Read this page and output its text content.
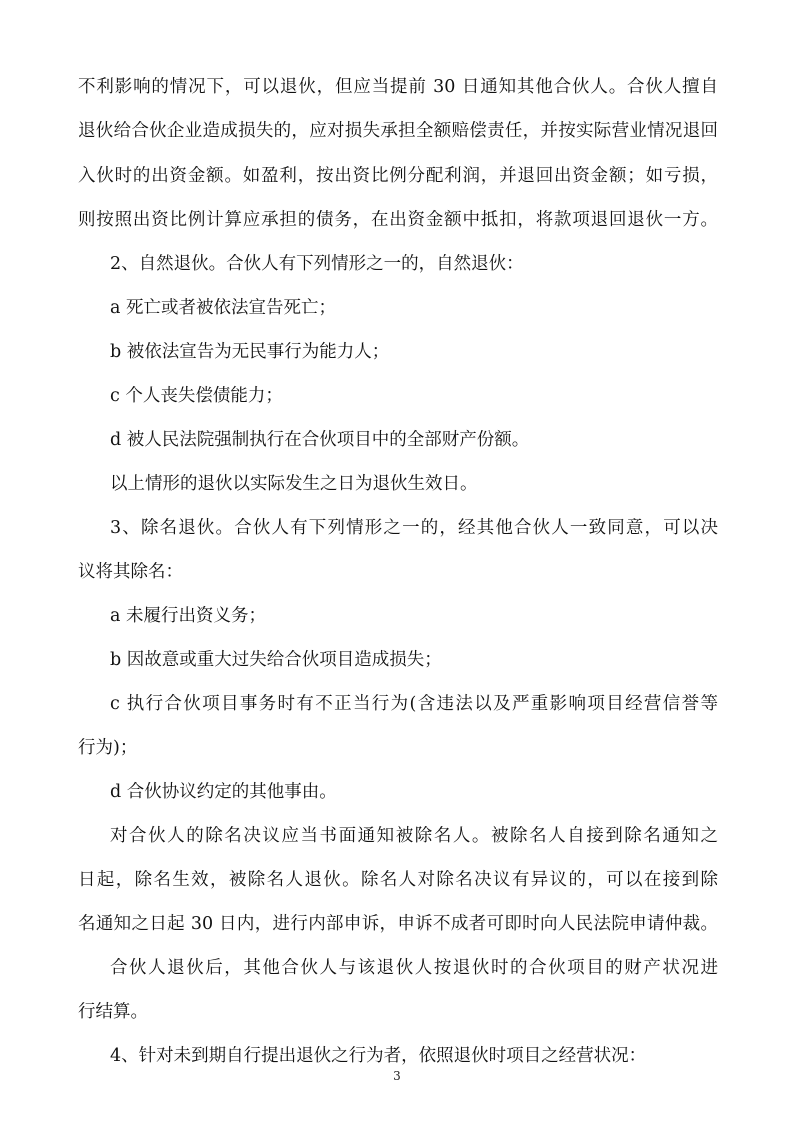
不利影响的情况下，可以退伙，但应当提前 30 日通知其他合伙人。合伙人擅自
退伙给合伙企业造成损失的，应对损失承担全额赔偿责任，并按实际营业情况退回
入伙时的出资金额。如盈利，按出资比例分配利润，并退回出资金额；如亏损，
则按照出资比例计算应承担的债务，在出资金额中抵扣，将款项退回退伙一方。
2、自然退伙。合伙人有下列情形之一的，自然退伙：
a 死亡或者被依法宣告死亡；
b 被依法宣告为无民事行为能力人；
c 个人丧失偿债能力；
d 被人民法院强制执行在合伙项目中的全部财产份额。
以上情形的退伙以实际发生之日为退伙生效日。
3、除名退伙。合伙人有下列情形之一的，经其他合伙人一致同意，可以决
议将其除名：
a 未履行出资义务；
b 因故意或重大过失给合伙项目造成损失；
c 执行合伙项目事务时有不正当行为(含违法以及严重影响项目经营信誉等
行为)；
d 合伙协议约定的其他事由。
对合伙人的除名决议应当书面通知被除名人。被除名人自接到除名通知之
日起，除名生效，被除名人退伙。除名人对除名决议有异议的，可以在接到除
名通知之日起 30 日内，进行内部申诉，申诉不成者可即时向人民法院申请仲裁。
合伙人退伙后，其他合伙人与该退伙人按退伙时的合伙项目的财产状况进
行结算。
4、针对未到期自行提出退伙之行为者，依照退伙时项目之经营状况：
3
